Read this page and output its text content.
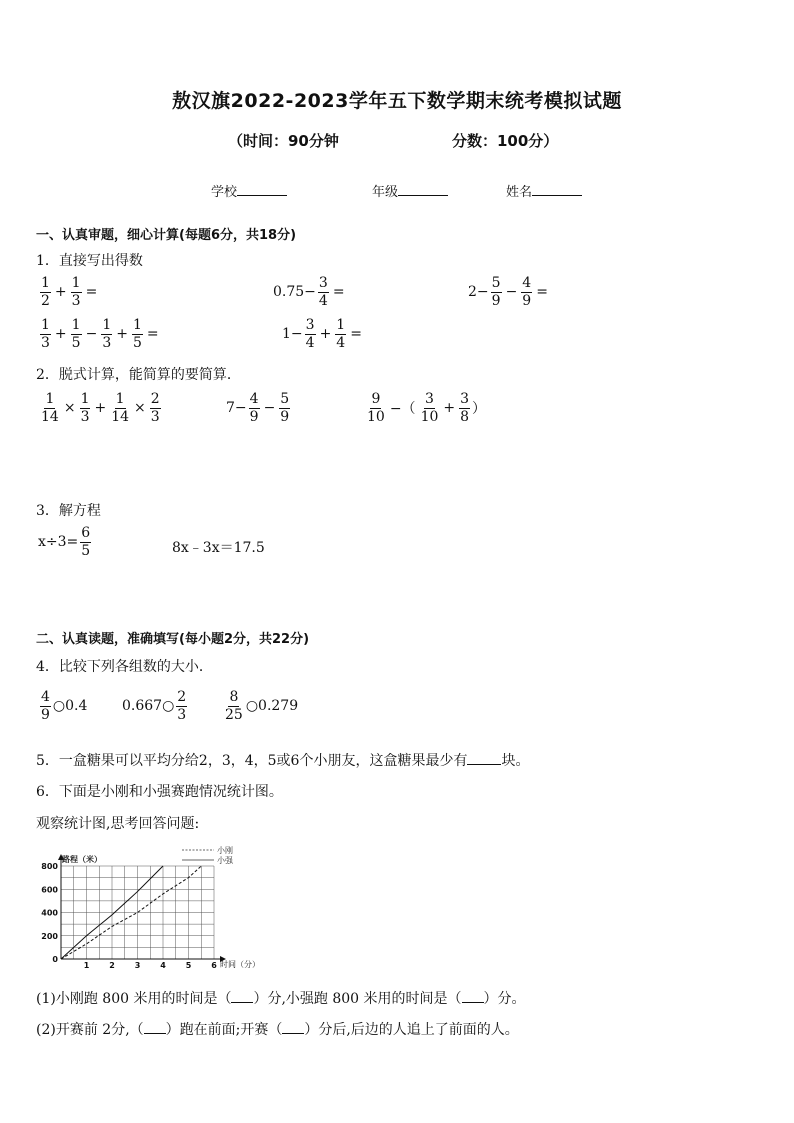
敖汉旗2022-2023学年五下数学期末统考模拟试题
（时间：90分钟	分数：100分）
学校	年级	姓名
一、认真审题，细心计算(每题6分，共18分)
1．直接写出得数
$\frac{1}{2} + \frac{1}{3}$ =	$0.75- \frac{3}{4}$ =	$2- \frac{5}{9} - \frac{4}{9}$ =
$\frac{1}{3} + \frac{1}{5} - \frac{1}{3} + \frac{1}{5}$ =	$1- \frac{3}{4} + \frac{1}{4}$ =
2．脱式计算，能简算的要简算．
$\frac{1}{14} \times \frac{1}{3} + \frac{1}{14} \times \frac{2}{3}$	$7- \frac{4}{9} - \frac{5}{9}$	$\frac{9}{10}$ −（ $\frac{3}{10} + \frac{3}{8}$ ）
3．解方程
$x\div 3= \frac{6}{5}$	8x﹣3x＝17.5
二、认真读题，准确填写(每小题2分，共22分)
4．比较下列各组数的大小．
$\frac{4}{9}$ ○0.4 0.667○ $\frac{2}{3}$	$\frac{8}{25}$ ○0.279
5．一盒糖果可以平均分给2，3，4，5或6个小朋友，这盒糖果最少有 块。
6．下面是小刚和小强赛跑情况统计图。
观察统计图,思考回答问题:
1 2 3 4 5 6
0
200
400
600
800
小刚
小强
路程（米）
时间（分）
(1)小刚跑 800 米用的时间是（ ）分,小强跑 800 米用的时间是（ ）分。
(2)开赛前 2分,（ ）跑在前面;开赛（ ）分后,后边的人追上了前面的人。
